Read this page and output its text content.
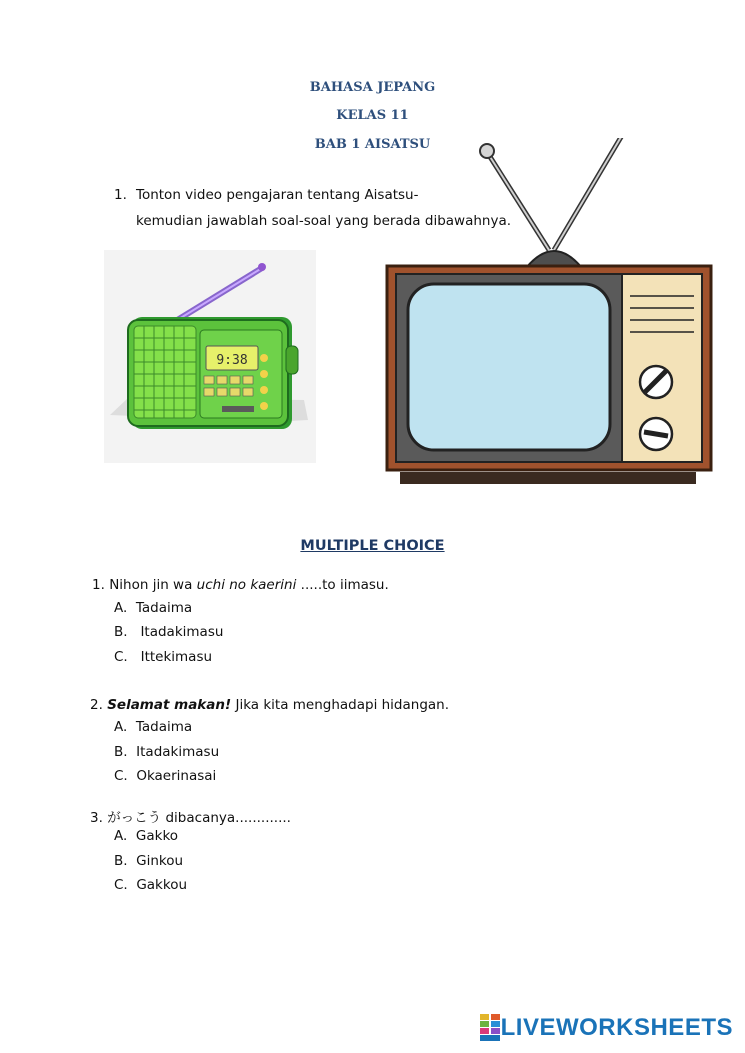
BAHASA JEPANG
KELAS 11
BAB 1 AISATSU
1. Tonton video pengajaran tentang Aisatsu-
kemudian jawablah soal-soal yang berada dibawahnya.
9:38
MULTIPLE CHOICE
1. Nihon jin wa uchi no kaerini .....to iimasu.
A. Tadaima
B. Itadakimasu
C. Ittekimasu
2. Selamat makan! Jika kita menghadapi hidangan.
A. Tadaima
B. Itadakimasu
C. Okaerinasai
3. がっこう dibacanya.............
A. Gakko
B. Ginkou
C. Gakkou
LIVEWORKSHEETS
